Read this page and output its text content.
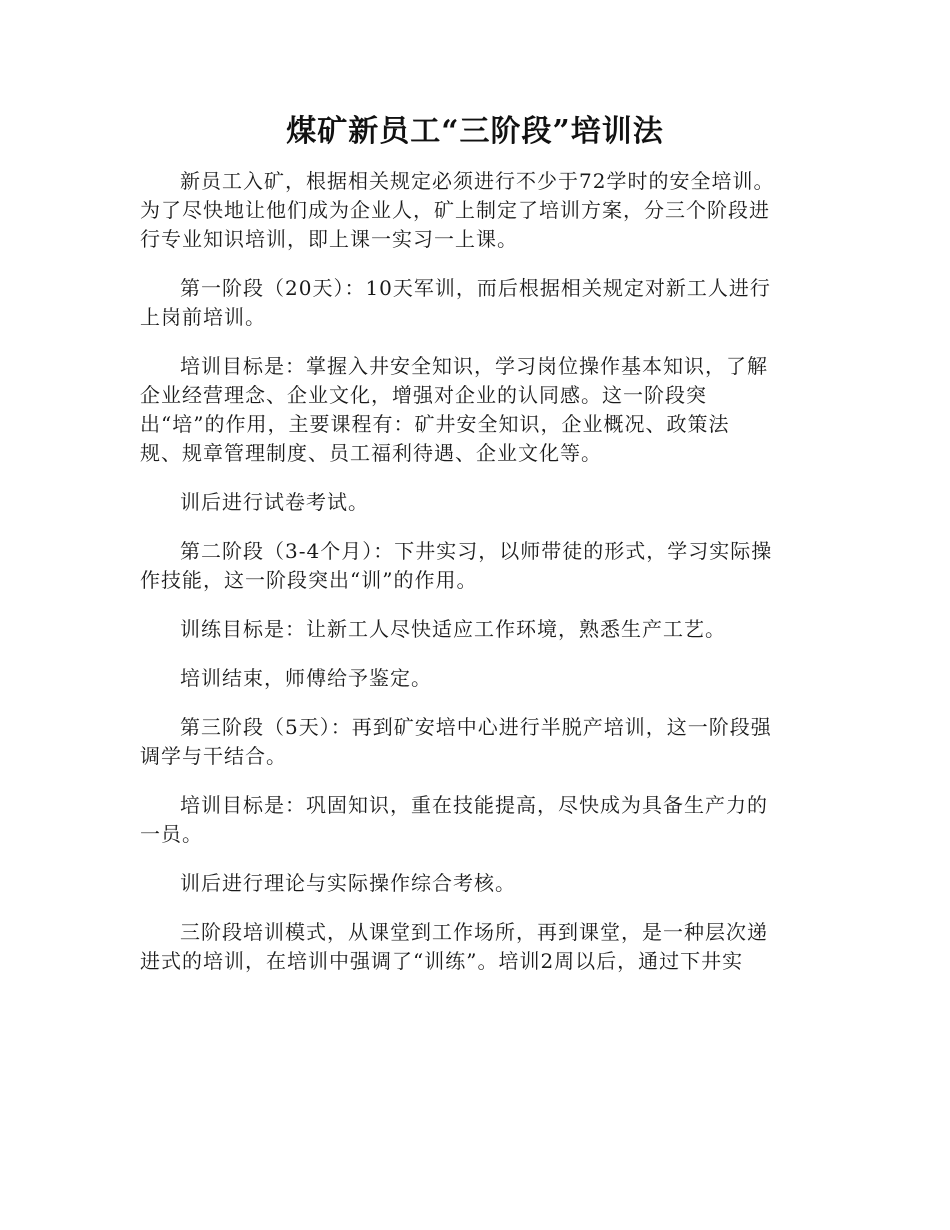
煤矿新员工“三阶段”培训法

新员工入矿，根据相关规定必须进行不少于72学时的安全培训。
为了尽快地让他们成为企业人，矿上制定了培训方案，分三个阶段进
行专业知识培训，即上课一实习一上课。

第一阶段（20天）：10天军训，而后根据相关规定对新工人进行
上岗前培训。

培训目标是：掌握入井安全知识，学习岗位操作基本知识，了解
企业经营理念、企业文化，增强对企业的认同感。这一阶段突
出“培”的作用，主要课程有：矿井安全知识，企业概况、政策法
规、规章管理制度、员工福利待遇、企业文化等。

训后进行试卷考试。

第二阶段（3-4个月）：下井实习，以师带徒的形式，学习实际操
作技能，这一阶段突出“训”的作用。

训练目标是：让新工人尽快适应工作环境，熟悉生产工艺。

培训结束，师傅给予鉴定。

第三阶段（5天）：再到矿安培中心进行半脱产培训，这一阶段强
调学与干结合。

培训目标是：巩固知识，重在技能提高，尽快成为具备生产力的
一员。

训后进行理论与实际操作综合考核。

三阶段培训模式，从课堂到工作场所，再到课堂，是一种层次递
进式的培训，在培训中强调了“训练”。培训2周以后，通过下井实
